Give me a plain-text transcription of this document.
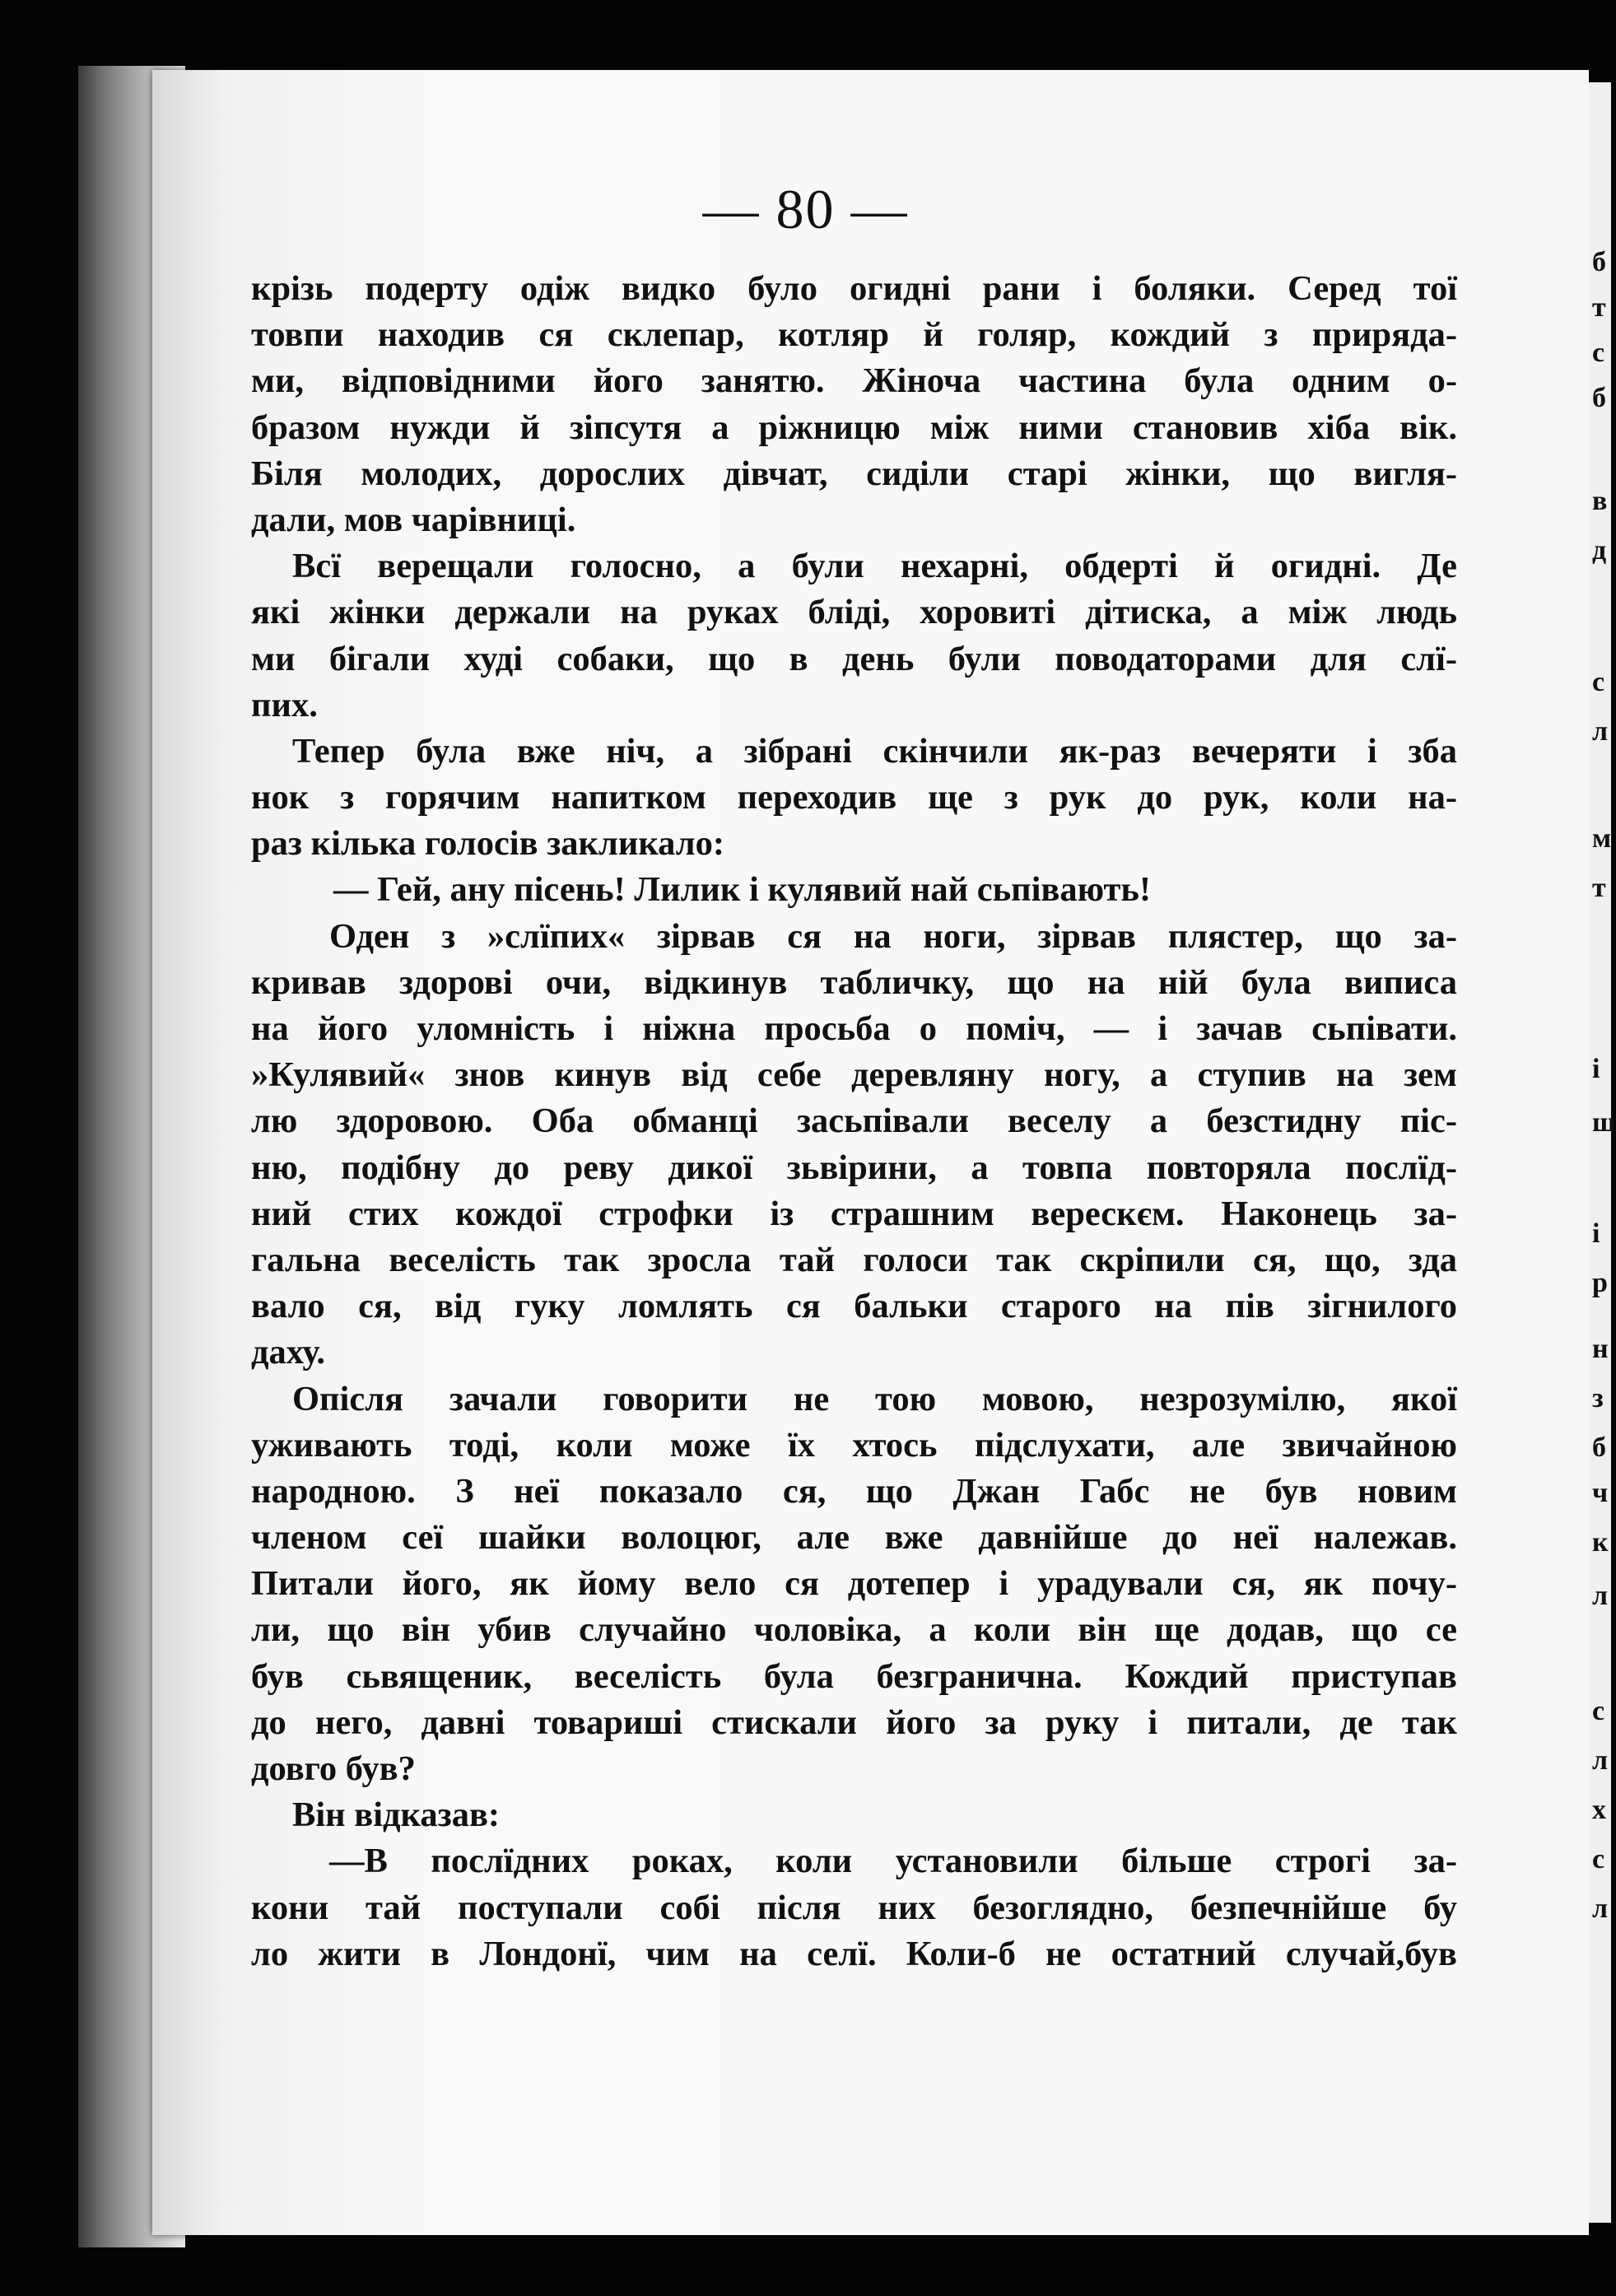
б
т
с
б
в
д
с
л
м
т
і
ш
і
р
н
з
б
ч
к
л
с
л
х
с
л
— 80 —
крізь подерту одіж видко було огидні рани і боляки. Серед тої
товпи находив ся склепар, котляр й голяр, кождий з приряда-
ми, відповідними його занятю. Жіноча частина була одним о-
бразом нужди й зіпсутя а ріжницю між ними становив хіба вік.
Біля молодих, дорослих дівчат, сиділи старі жінки, що вигля-
дали, мов чарівниці.
Всї верещали голосно, а були нехарні, обдерті й огидні. Де
які жінки держали на руках бліді, хоровиті дітиска, а між людь
ми бігали худі собаки, що в день були поводаторами для слї-
пих.
Тепер була вже ніч, а зібрані скінчили як-раз вечеряти і зба
нок з горячим напитком переходив ще з рук до рук, коли на-
раз кілька голосів закликало:
— Гей, ану пісень! Лилик і кулявий най сьпівають!
Оден з »слїпих« зірвав ся на ноги, зірвав плястер, що за-
кривав здорові очи, відкинув табличку, що на ній була виписа
на його уломність і ніжна просьба о поміч, — і зачав сьпівати.
»Кулявий« знов кинув від себе деревляну ногу, а ступив на зем
лю здоровою. Оба обманці засьпівали веселу а безстидну піс-
ню, подібну до реву дикої зьвірини, а товпа повторяла послїд-
ний стих кождої строфки із страшним верескєм. Наконець за-
гальна веселість так зросла тай голоси так скріпили ся, що, зда
вало ся, від гуку ломлять ся бальки старого на пів зігнилого
даху.
Опісля зачали говорити не тою мовою, незрозумілю, якої
уживають тоді, коли може їх хтось підслухати, але звичайною
народною. З неї показало ся, що Джан Габс не був новим
членом сеї шайки волоцюг, але вже давнійше до неї належав.
Питали його, як йому вело ся дотепер і урадували ся, як почу-
ли, що він убив случайно чоловіка, а коли він ще додав, що се
був сьвященик, веселість була безгранична. Кождий приступав
до него, давні товариші стискали його за руку і питали, де так
довго був?
Він відказав:
—В послїдних роках, коли установили більше строгі за-
кони тай поступали собі після них безоглядно, безпечнійше бу
ло жити в Лондонї, чим на селї. Коли-б не остатний случай,був
